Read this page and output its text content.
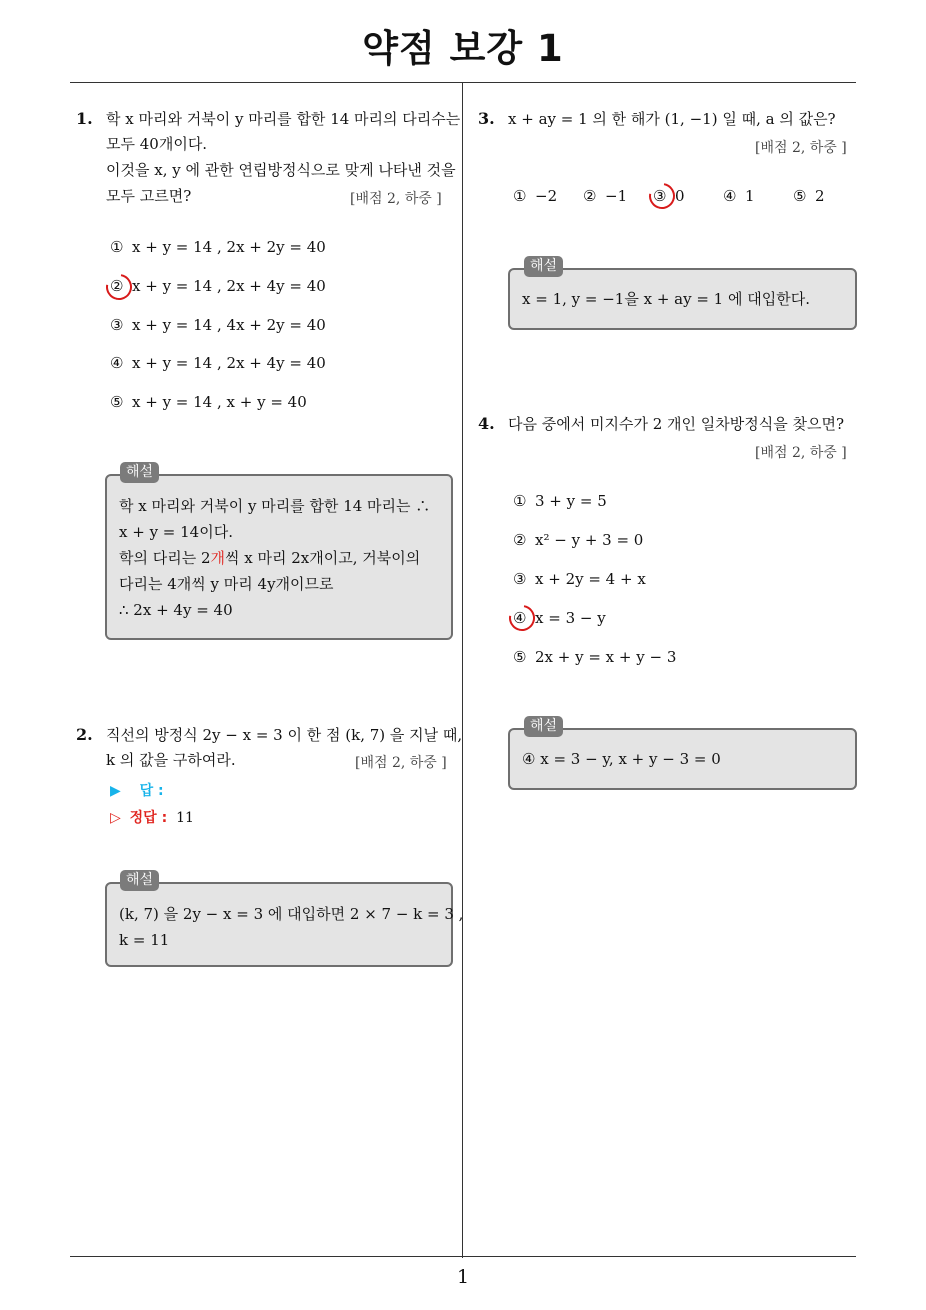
약점 보강 1
1
1. 학 x 마리와 거북이 y 마리를 합한 14 마리의 다리수는
모두 40개이다.
이것을 x, y 에 관한 연립방정식으로 맞게 나타낸 것을
모두 고르면?	[배점 2, 하중 ]
① x + y = 14 , 2x + 2y = 40
② x + y = 14 , 2x + 4y = 40
③ x + y = 14 , 4x + 2y = 40
④ x + y = 14 , 2x + 4y = 40
⑤ x + y = 14 , x + y = 40
학 x 마리와 거북이 y 마리를 합한 14 마리는 ∴
x + y = 14이다.
학의 다리는 2개씩 x 마리 2x개이고, 거북이의
다리는 4개씩 y 마리 4y개이므로
∴ 2x + 4y = 40
해설
2. 직선의 방정식 2y − x = 3 이 한 점 (k, 7) 을 지날 때,
k 의 값을 구하여라.	[배점 2, 하중 ]
▶ 답 :
▷ 정답 : 11
(k, 7) 을 2y − x = 3 에 대입하면 2 × 7 − k = 3 ,
k = 11
해설
3. x + ay = 1 의 한 해가 (1, −1) 일 때, a 의 값은?
[배점 2, 하중 ]
① −2 ② −1 ③ 0	④ 1	⑤ 2
x = 1, y = −1을 x + ay = 1 에 대입한다.
해설
4. 다음 중에서 미지수가 2 개인 일차방정식을 찾으면?
[배점 2, 하중 ]
① 3 + y = 5
② x² − y + 3 = 0
③ x + 2y = 4 + x
④ x = 3 − y
⑤ 2x + y = x + y − 3
④ x = 3 − y, x + y − 3 = 0
해설
